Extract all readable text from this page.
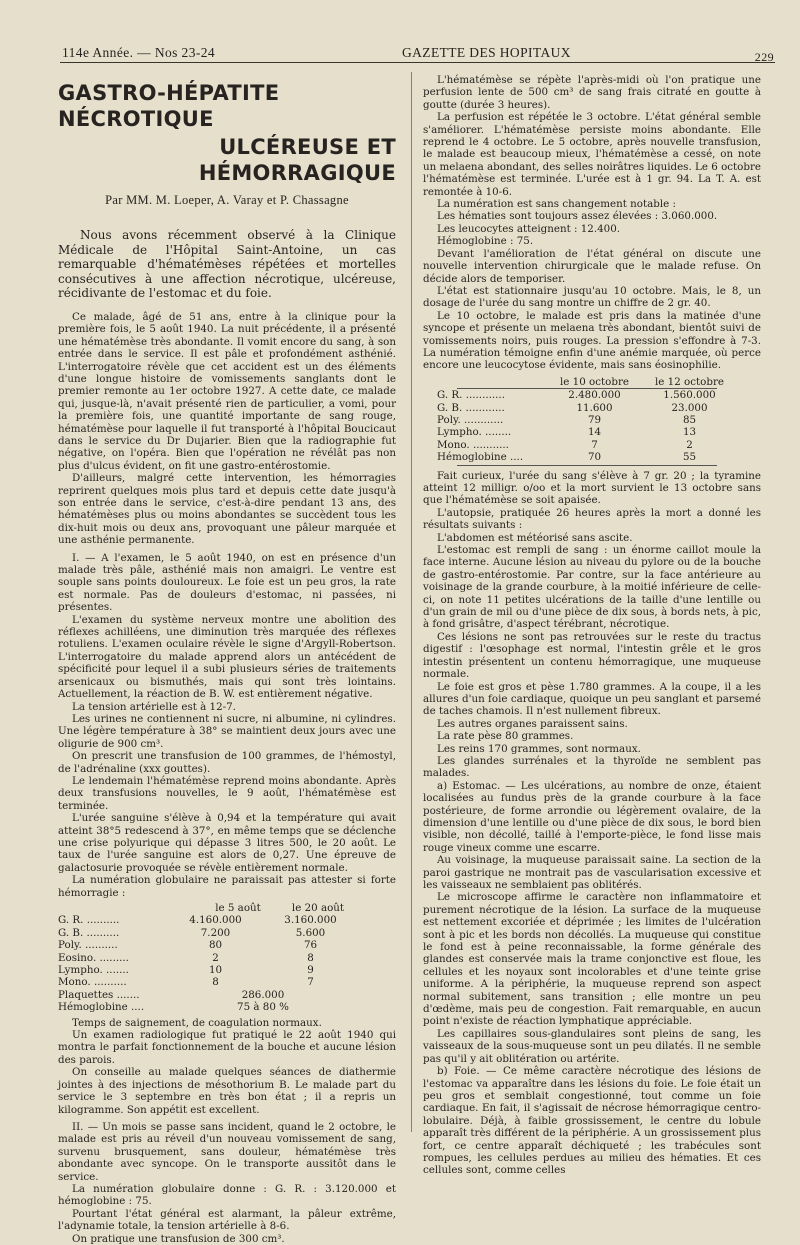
114e Année. — Nos 23-24	GAZETTE DES HOPITAUX	229
GASTRO-HÉPATITE NÉCROTIQUE
ULCÉREUSE ET HÉMORRAGIQUE
Par MM. M. Loeper, A. Varay et P. Chassagne

Nous avons récemment observé à la Clinique Médicale de l'Hôpital Saint-Antoine, un cas remarquable d'hématémèses répétées et mortelles consécutives à une affection nécrotique, ulcéreuse, récidivante de l'estomac et du foie.

Ce malade, âgé de 51 ans, entre à la clinique pour la première fois, le 5 août 1940. La nuit précédente, il a présenté une hématémèse très abondante. Il vomit encore du sang, à son entrée dans le service. Il est pâle et profondément asthénié. L'interrogatoire révèle que cet accident est un des éléments d'une longue histoire de vomissements sanglants dont le premier remonte au 1er octobre 1927. A cette date, ce malade qui, jusque-là, n'avait présenté rien de particulier, a vomi, pour la première fois, une quantité importante de sang rouge, hématémèse pour laquelle il fut transporté à l'hôpital Boucicaut dans le service du Dr Dujarier. Bien que la radiographie fut négative, on l'opéra. Bien que l'opération ne révélât pas non plus d'ulcus évident, on fit une gastro-entérostomie.

D'ailleurs, malgré cette intervention, les hémorragies reprirent quelques mois plus tard et depuis cette date jusqu'à son entrée dans le service, c'est-à-dire pendant 13 ans, des hématémèses plus ou moins abondantes se succèdent tous les dix-huit mois ou deux ans, provoquant une pâleur marquée et une asthénie permanente.

I. — A l'examen, le 5 août 1940, on est en présence d'un malade très pâle, asthénié mais non amaigri. Le ventre est souple sans points douloureux. Le foie est un peu gros, la rate est normale. Pas de douleurs d'estomac, ni passées, ni présentes.

L'examen du système nerveux montre une abolition des réflexes achilléens, une diminution très marquée des réflexes rotuliens. L'examen oculaire révèle le signe d'Argyll-Robertson. L'interrogatoire du malade apprend alors un antécédent de spécificité pour lequel il a subi plusieurs séries de traitements arsenicaux ou bismuthés, mais qui sont très lointains. Actuellement, la réaction de B. W. est entièrement négative.

La tension artérielle est à 12-7.

Les urines ne contiennent ni sucre, ni albumine, ni cylindres. Une légère température à 38° se maintient deux jours avec une oligurie de 900 cm³.

On prescrit une transfusion de 100 grammes, de l'hémostyl, de l'adrénaline (xxx gouttes).

Le lendemain l'hématémèse reprend moins abondante. Après deux transfusions nouvelles, le 9 août, l'hématémèse est terminée.

L'urée sanguine s'élève à 0,94 et la température qui avait atteint 38°5 redescend à 37°, en même temps que se déclenche une crise polyurique qui dépasse 3 litres 500, le 20 août. Le taux de l'urée sanguine est alors de 0,27. Une épreuve de galactosurie provoquée se révèle entièrement normale.

La numération globulaire ne paraissait pas attester si forte hémorragie :

le 5 août	le 20 août
G. R. ..........	4.160.000	3.160.000
G. B. ..........	7.200	5.600
Poly. ..........	80	76
Eosino. .........	2	8
Lympho. .......	10	9
Mono. ..........	8	7
Plaquettes .......	286.000
Hémoglobine ....	75 à 80 %

Temps de saignement, de coagulation normaux.

Un examen radiologique fut pratiqué le 22 août 1940 qui montra le parfait fonctionnement de la bouche et aucune lésion des parois.

On conseille au malade quelques séances de diathermie jointes à des injections de mésothorium B. Le malade part du service le 3 septembre en très bon état ; il a repris un kilogramme. Son appétit est excellent.

II. — Un mois se passe sans incident, quand le 2 octobre, le malade est pris au réveil d'un nouveau vomissement de sang, survenu brusquement, sans douleur, hématémèse très abondante avec syncope. On le transporte aussitôt dans le service.

La numération globulaire donne : G. R. : 3.120.000 et hémoglobine : 75.

Pourtant l'état général est alarmant, la pâleur extrême, l'adynamie totale, la tension artérielle à 8-6.

On pratique une transfusion de 300 cm³.

L'hématémèse se répète l'après-midi où l'on pratique une perfusion lente de 500 cm³ de sang frais citraté en goutte à goutte (durée 3 heures).

La perfusion est répétée le 3 octobre. L'état général semble s'améliorer. L'hématémèse persiste moins abondante. Elle reprend le 4 octobre. Le 5 octobre, après nouvelle transfusion, le malade est beaucoup mieux, l'hématémèse a cessé, on note un melaena abondant, des selles noirâtres liquides. Le 6 octobre l'hématémèse est terminée. L'urée est à 1 gr. 94. La T. A. est remontée à 10-6.

La numération est sans changement notable :

Les hématies sont toujours assez élevées : 3.060.000.

Les leucocytes atteignent : 12.400.

Hémoglobine : 75.

Devant l'amélioration de l'état général on discute une nouvelle intervention chirurgicale que le malade refuse. On décide alors de temporiser.

L'état est stationnaire jusqu'au 10 octobre. Mais, le 8, un dosage de l'urée du sang montre un chiffre de 2 gr. 40.

Le 10 octobre, le malade est pris dans la matinée d'une syncope et présente un melaena très abondant, bientôt suivi de vomissements noirs, puis rouges. La pression s'effondre à 7-3. La numération témoigne enfin d'une anémie marquée, où perce encore une leucocytose évidente, mais sans éosinophilie.

le 10 octobre	le 12 octobre
G. R. ............	2.480.000	1.560.000
G. B. ............	11.600	23.000
Poly. ............	79	85
Lympho. ........	14	13
Mono. ...........	7	2
Hémoglobine ....	70	55

Fait curieux, l'urée du sang s'élève à 7 gr. 20 ; la tyramine atteint 12 milligr. o/oo et la mort survient le 13 octobre sans que l'hématémèse se soit apaisée.

L'autopsie, pratiquée 26 heures après la mort a donné les résultats suivants :

L'abdomen est météorisé sans ascite.

L'estomac est rempli de sang : un énorme caillot moule la face interne. Aucune lésion au niveau du pylore ou de la bouche de gastro-entérostomie. Par contre, sur la face antérieure au voisinage de la grande courbure, à la moitié inférieure de celle-ci, on note 11 petites ulcérations de la taille d'une lentille ou d'un grain de mil ou d'une pièce de dix sous, à bords nets, à pic, à fond grisâtre, d'aspect térébrant, nécrotique.

Ces lésions ne sont pas retrouvées sur le reste du tractus digestif : l'œsophage est normal, l'intestin grêle et le gros intestin présentent un contenu hémorragique, une muqueuse normale.

Le foie est gros et pèse 1.780 grammes. A la coupe, il a les allures d'un foie cardiaque, quoique un peu sanglant et parsemé de taches chamois. Il n'est nullement fibreux.

Les autres organes paraissent sains.

La rate pèse 80 grammes.

Les reins 170 grammes, sont normaux.

Les glandes surrénales et la thyroïde ne semblent pas malades.

a) Estomac. — Les ulcérations, au nombre de onze, étaient localisées au fundus près de la grande courbure à la face postérieure, de forme arrondie ou légèrement ovalaire, de la dimension d'une lentille ou d'une pièce de dix sous, le bord bien visible, non décollé, taillé à l'emporte-pièce, le fond lisse mais rouge vineux comme une escarre.

Au voisinage, la muqueuse paraissait saine. La section de la paroi gastrique ne montrait pas de vascularisation excessive et les vaisseaux ne semblaient pas oblitérés.

Le microscope affirme le caractère non inflammatoire et purement nécrotique de la lésion. La surface de la muqueuse est nettement excoriée et déprimée ; les limites de l'ulcération sont à pic et les bords non décollés. La muqueuse qui constitue le fond est à peine reconnaissable, la forme générale des glandes est conservée mais la trame conjonctive est floue, les cellules et les noyaux sont incolorables et d'une teinte grise uniforme. A la périphérie, la muqueuse reprend son aspect normal subitement, sans transition ; elle montre un peu d'œdème, mais peu de congestion. Fait remarquable, en aucun point n'existe de réaction lymphatique appréciable.

Les capillaires sous-glandulaires sont pleins de sang, les vaisseaux de la sous-muqueuse sont un peu dilatés. Il ne semble pas qu'il y ait oblitération ou artérite.

b) Foie. — Ce même caractère nécrotique des lésions de l'estomac va apparaître dans les lésions du foie. Le foie était un peu gros et semblait congestionné, tout comme un foie cardiaque. En fait, il s'agissait de nécrose hémorragique centro-lobulaire. Déjà, à faible grossissement, le centre du lobule apparaît très différent de la périphérie. A un grossissement plus fort, ce centre apparaît déchiqueté ; les trabécules sont rompues, les cellules perdues au milieu des hématies. Et ces cellules sont, comme celles
